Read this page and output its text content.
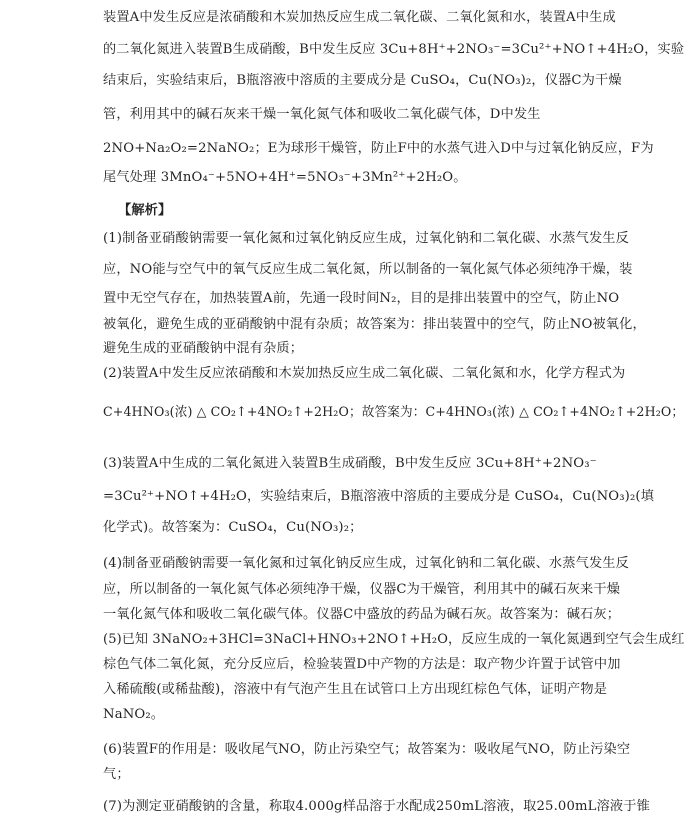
装置A中发生反应是浓硝酸和木炭加热反应生成二氧化碳、二氧化氮和水，装置A中生成
的二氧化氮进入装置B生成硝酸，B中发生反应 3Cu+8H⁺+2NO₃⁻=3Cu²⁺+NO↑+4H₂O，实验
结束后，实验结束后，B瓶溶液中溶质的主要成分是 CuSO₄，Cu(NO₃)₂，仪器C为干燥
管，利用其中的碱石灰来干燥一氧化氮气体和吸收二氧化碳气体，D中发生
2NO+Na₂O₂=2NaNO₂；E为球形干燥管，防止F中的水蒸气进入D中与过氧化钠反应，F为
尾气处理 3MnO₄⁻+5NO+4H⁺=5NO₃⁻+3Mn²⁺+2H₂O。
【解析】
(1)制备亚硝酸钠需要一氧化氮和过氧化钠反应生成，过氧化钠和二氧化碳、水蒸气发生反
应，NO能与空气中的氧气反应生成二氧化氮，所以制备的一氧化氮气体必须纯净干燥，装
置中无空气存在，加热装置A前，先通一段时间N₂，目的是排出装置中的空气，防止NO
被氧化，避免生成的亚硝酸钠中混有杂质；故答案为：排出装置中的空气，防止NO被氧化，
避免生成的亚硝酸钠中混有杂质；
(2)装置A中发生反应浓硝酸和木炭加热反应生成二氧化碳、二氧化氮和水，化学方程式为
C+4HNO₃(浓) △ CO₂↑+4NO₂↑+2H₂O；故答案为：C+4HNO₃(浓) △ CO₂↑+4NO₂↑+2H₂O；
(3)装置A中生成的二氧化氮进入装置B生成硝酸，B中发生反应 3Cu+8H⁺+2NO₃⁻
=3Cu²⁺+NO↑+4H₂O，实验结束后，B瓶溶液中溶质的主要成分是 CuSO₄，Cu(NO₃)₂(填
化学式)。故答案为：CuSO₄，Cu(NO₃)₂；
(4)制备亚硝酸钠需要一氧化氮和过氧化钠反应生成，过氧化钠和二氧化碳、水蒸气发生反
应，所以制备的一氧化氮气体必须纯净干燥，仪器C为干燥管，利用其中的碱石灰来干燥
一氧化氮气体和吸收二氧化碳气体。仪器C中盛放的药品为碱石灰。故答案为：碱石灰；
(5)已知 3NaNO₂+3HCl=3NaCl+HNO₃+2NO↑+H₂O，反应生成的一氧化氮遇到空气会生成红
棕色气体二氧化氮，充分反应后，检验装置D中产物的方法是：取产物少许置于试管中加
入稀硫酸(或稀盐酸)，溶液中有气泡产生且在试管口上方出现红棕色气体，证明产物是
NaNO₂。
(6)装置F的作用是：吸收尾气NO，防止污染空气；故答案为：吸收尾气NO，防止污染空
气；
(7)为测定亚硝酸钠的含量，称取4.000g样品溶于水配成250mL溶液，取25.00mL溶液于锥
